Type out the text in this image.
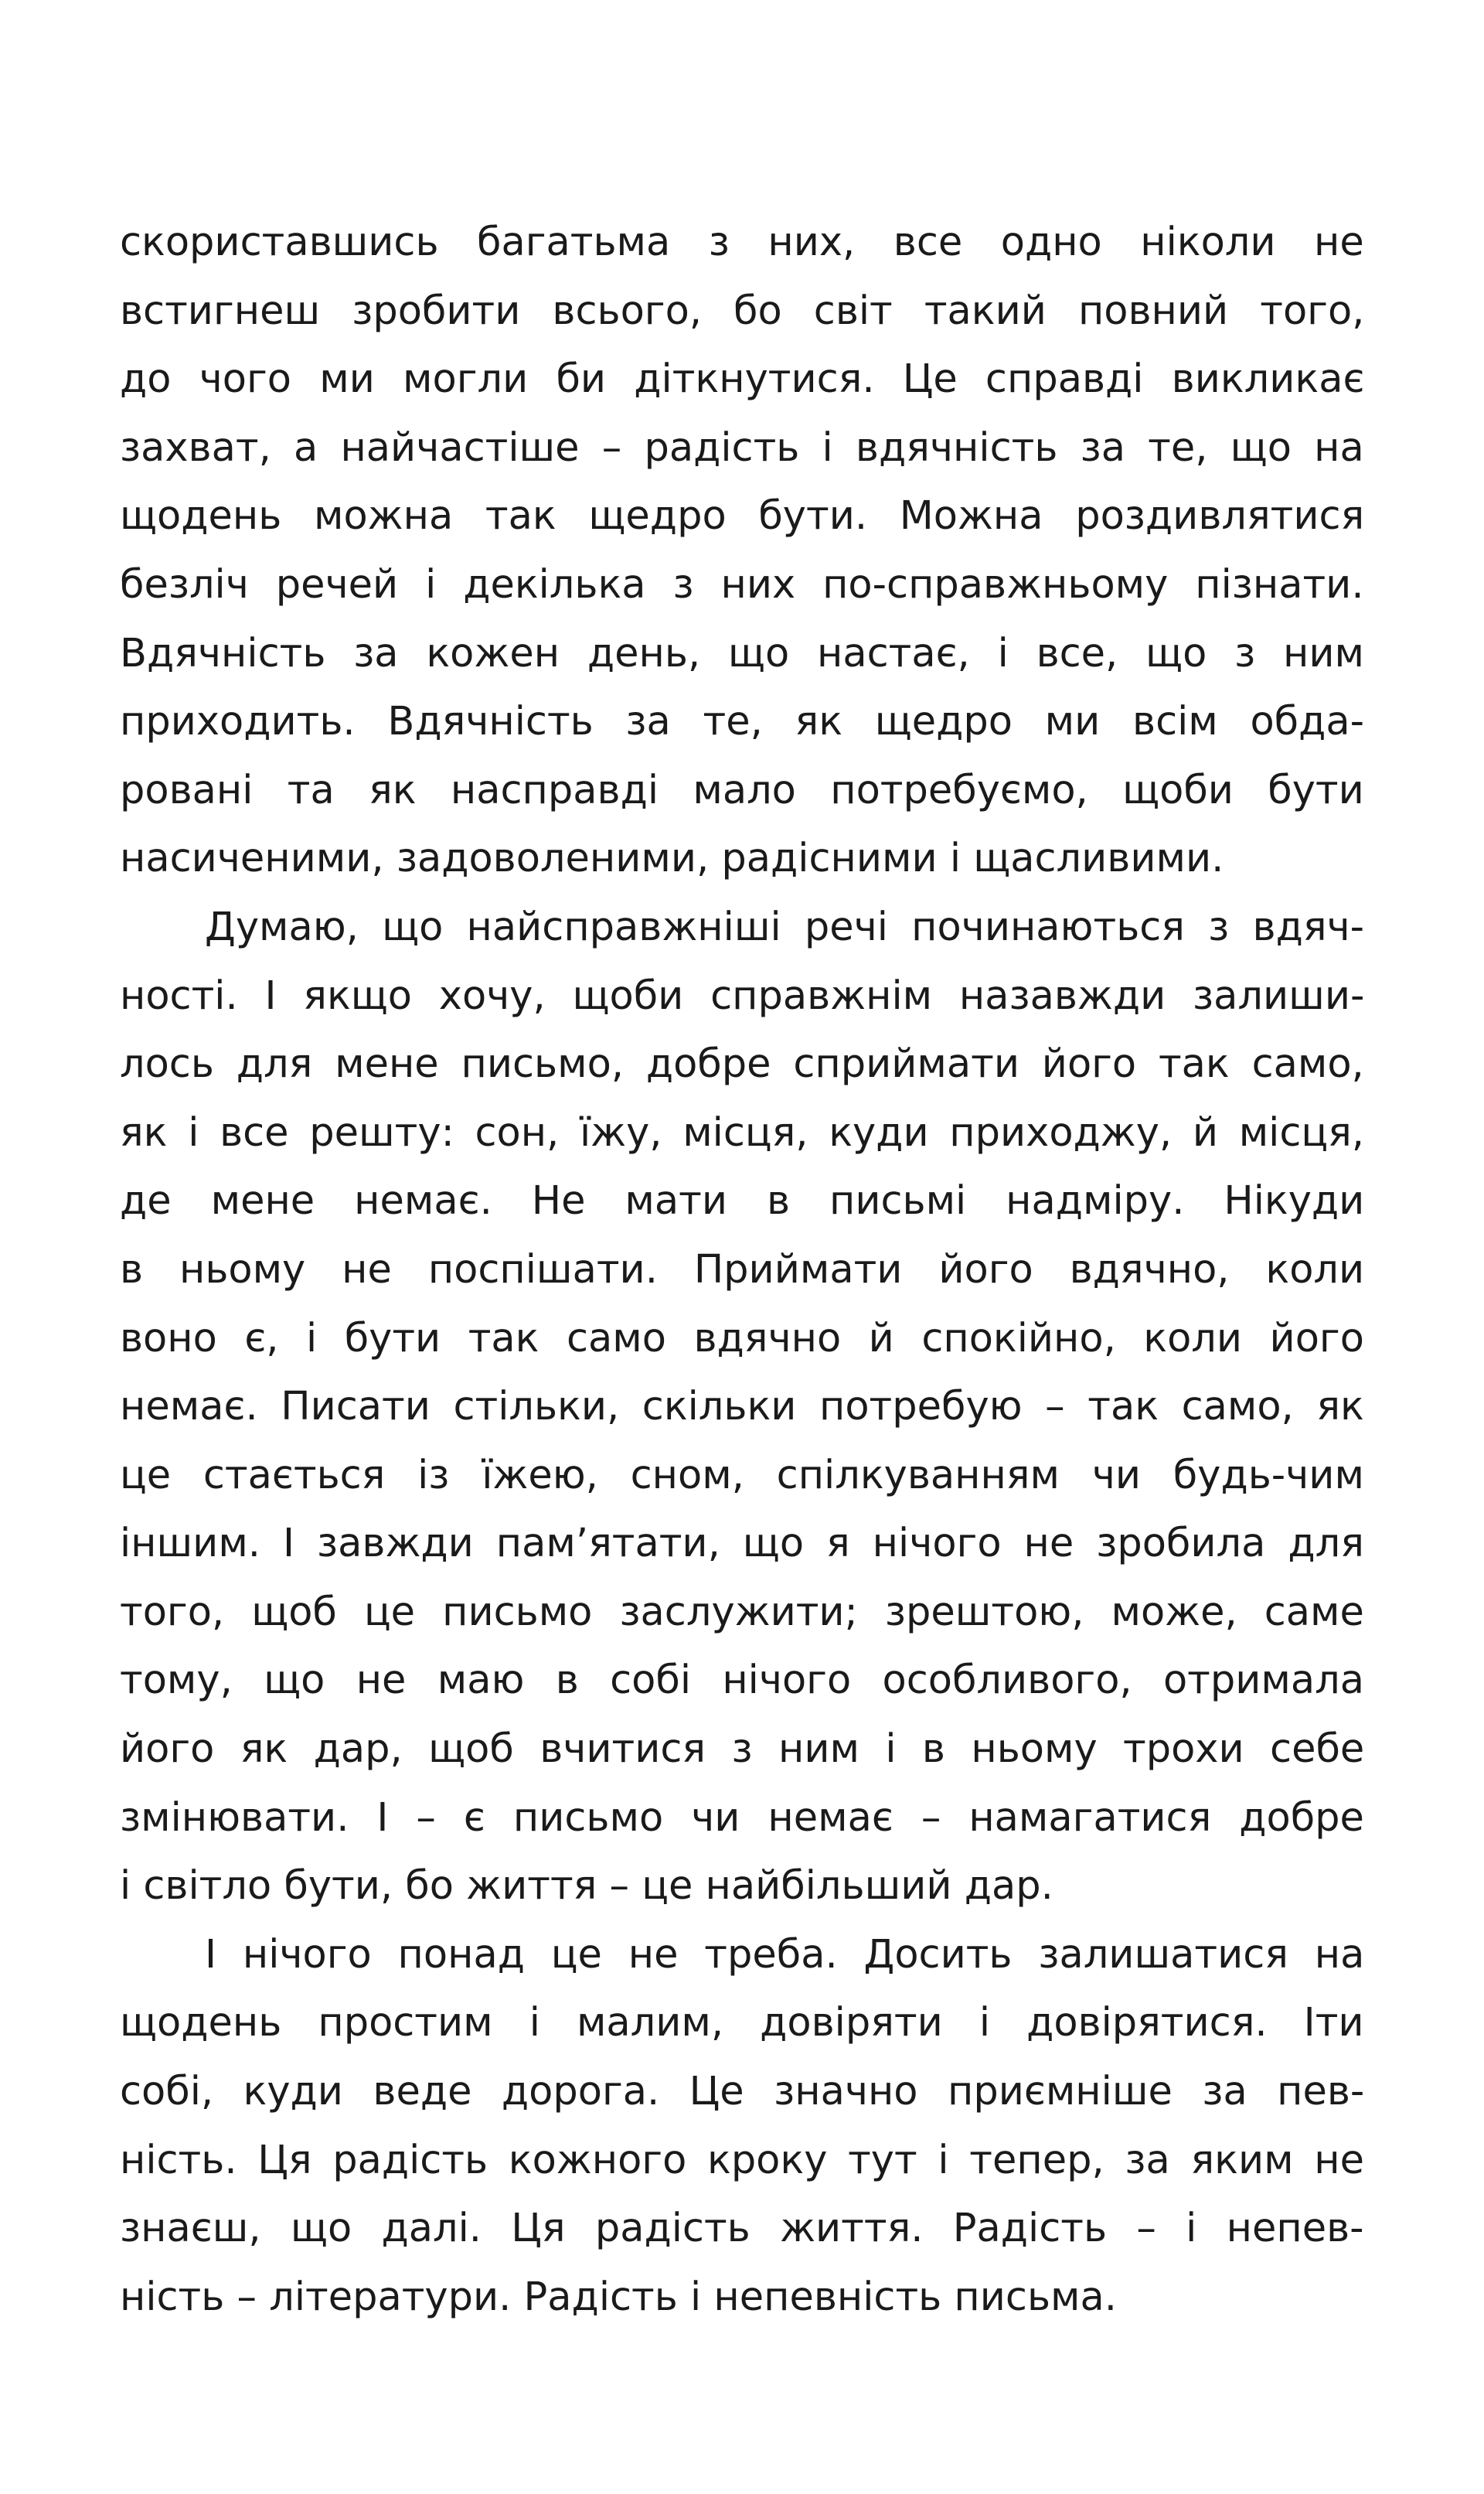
скориставшись багатьма з них, все одно ніколи не
встигнеш зробити всього, бо світ такий повний того,
до чого ми могли би діткнутися. Це справді викликає
захват, а найчастіше – радість і вдячність за те, що на
щодень можна так щедро бути. Можна роздивлятися
безліч речей і декілька з них по-справжньому пізнати.
Вдячність за кожен день, що настає, і все, що з ним
приходить. Вдячність за те, як щедро ми всім обда-
ровані та як насправді мало потребуємо, щоби бути
насиченими, задоволеними, радісними і щасливими.
Думаю, що найсправжніші речі починаються з вдяч-
ності. І якщо хочу, щоби справжнім назавжди залиши-
лось для мене письмо, добре сприймати його так само,
як і все решту: сон, їжу, місця, куди приходжу, й місця,
де мене немає. Не мати в письмі надміру. Нікуди
в ньому не поспішати. Приймати його вдячно, коли
воно є, і бути так само вдячно й спокійно, коли його
немає. Писати стільки, скільки потребую – так само, як
це стається із їжею, сном, спілкуванням чи будь-чим
іншим. І завжди пам’ятати, що я нічого не зробила для
того, щоб це письмо заслужити; зрештою, може, саме
тому, що не маю в собі нічого особливого, отримала
його як дар, щоб вчитися з ним і в ньому трохи себе
змінювати. І – є письмо чи немає – намагатися добре
і світло бути, бо життя – це найбільший дар.
І нічого понад це не треба. Досить залишатися на
щодень простим і малим, довіряти і довірятися. Іти
собі, куди веде дорога. Це значно приємніше за пев-
ність. Ця радість кожного кроку тут і тепер, за яким не
знаєш, що далі. Ця радість життя. Радість – і непев-
ність – літератури. Радість і непевність письма.
